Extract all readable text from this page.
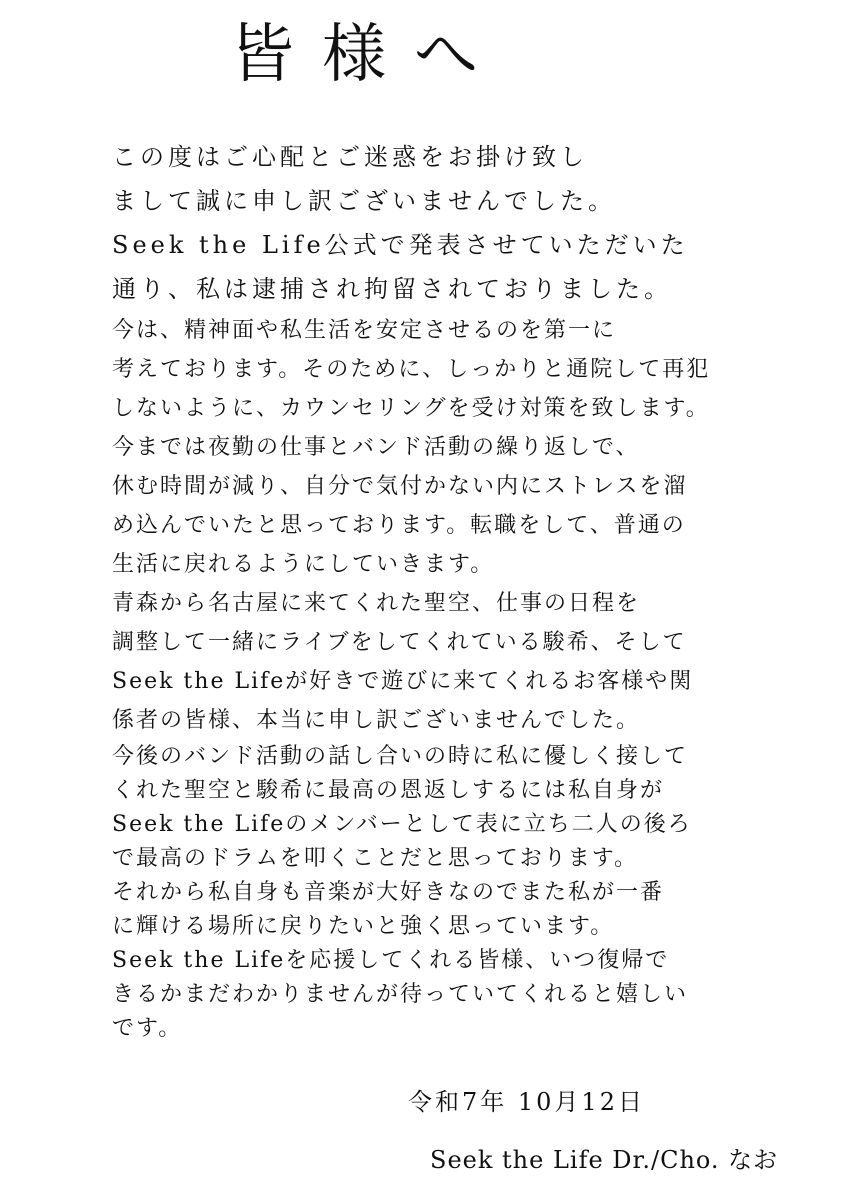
皆様へ
この度はご心配とご迷惑をお掛け致し
まして誠に申し訳ございませんでした。
Seek the Life公式で発表させていただいた
通り、私は逮捕され拘留されておりました。
今は、精神面や私生活を安定させるのを第一に
考えております。そのために、しっかりと通院して再犯
しないように、カウンセリングを受け対策を致します。
今までは夜勤の仕事とバンド活動の繰り返しで、
休む時間が減り、自分で気付かない内にストレスを溜
め込んでいたと思っております。転職をして、普通の
生活に戻れるようにしていきます。
青森から名古屋に来てくれた聖空、仕事の日程を
調整して一緒にライブをしてくれている駿希、そして
Seek the Lifeが好きで遊びに来てくれるお客様や関
係者の皆様、本当に申し訳ございませんでした。
今後のバンド活動の話し合いの時に私に優しく接して
くれた聖空と駿希に最高の恩返しするには私自身が
Seek the Lifeのメンバーとして表に立ち二人の後ろ
で最高のドラムを叩くことだと思っております。
それから私自身も音楽が大好きなのでまた私が一番
に輝ける場所に戻りたいと強く思っています。
Seek the Lifeを応援してくれる皆様、いつ復帰で
きるかまだわかりませんが待っていてくれると嬉しい
です。
令和7年 10月12日
Seek the Life Dr./Cho. なお
